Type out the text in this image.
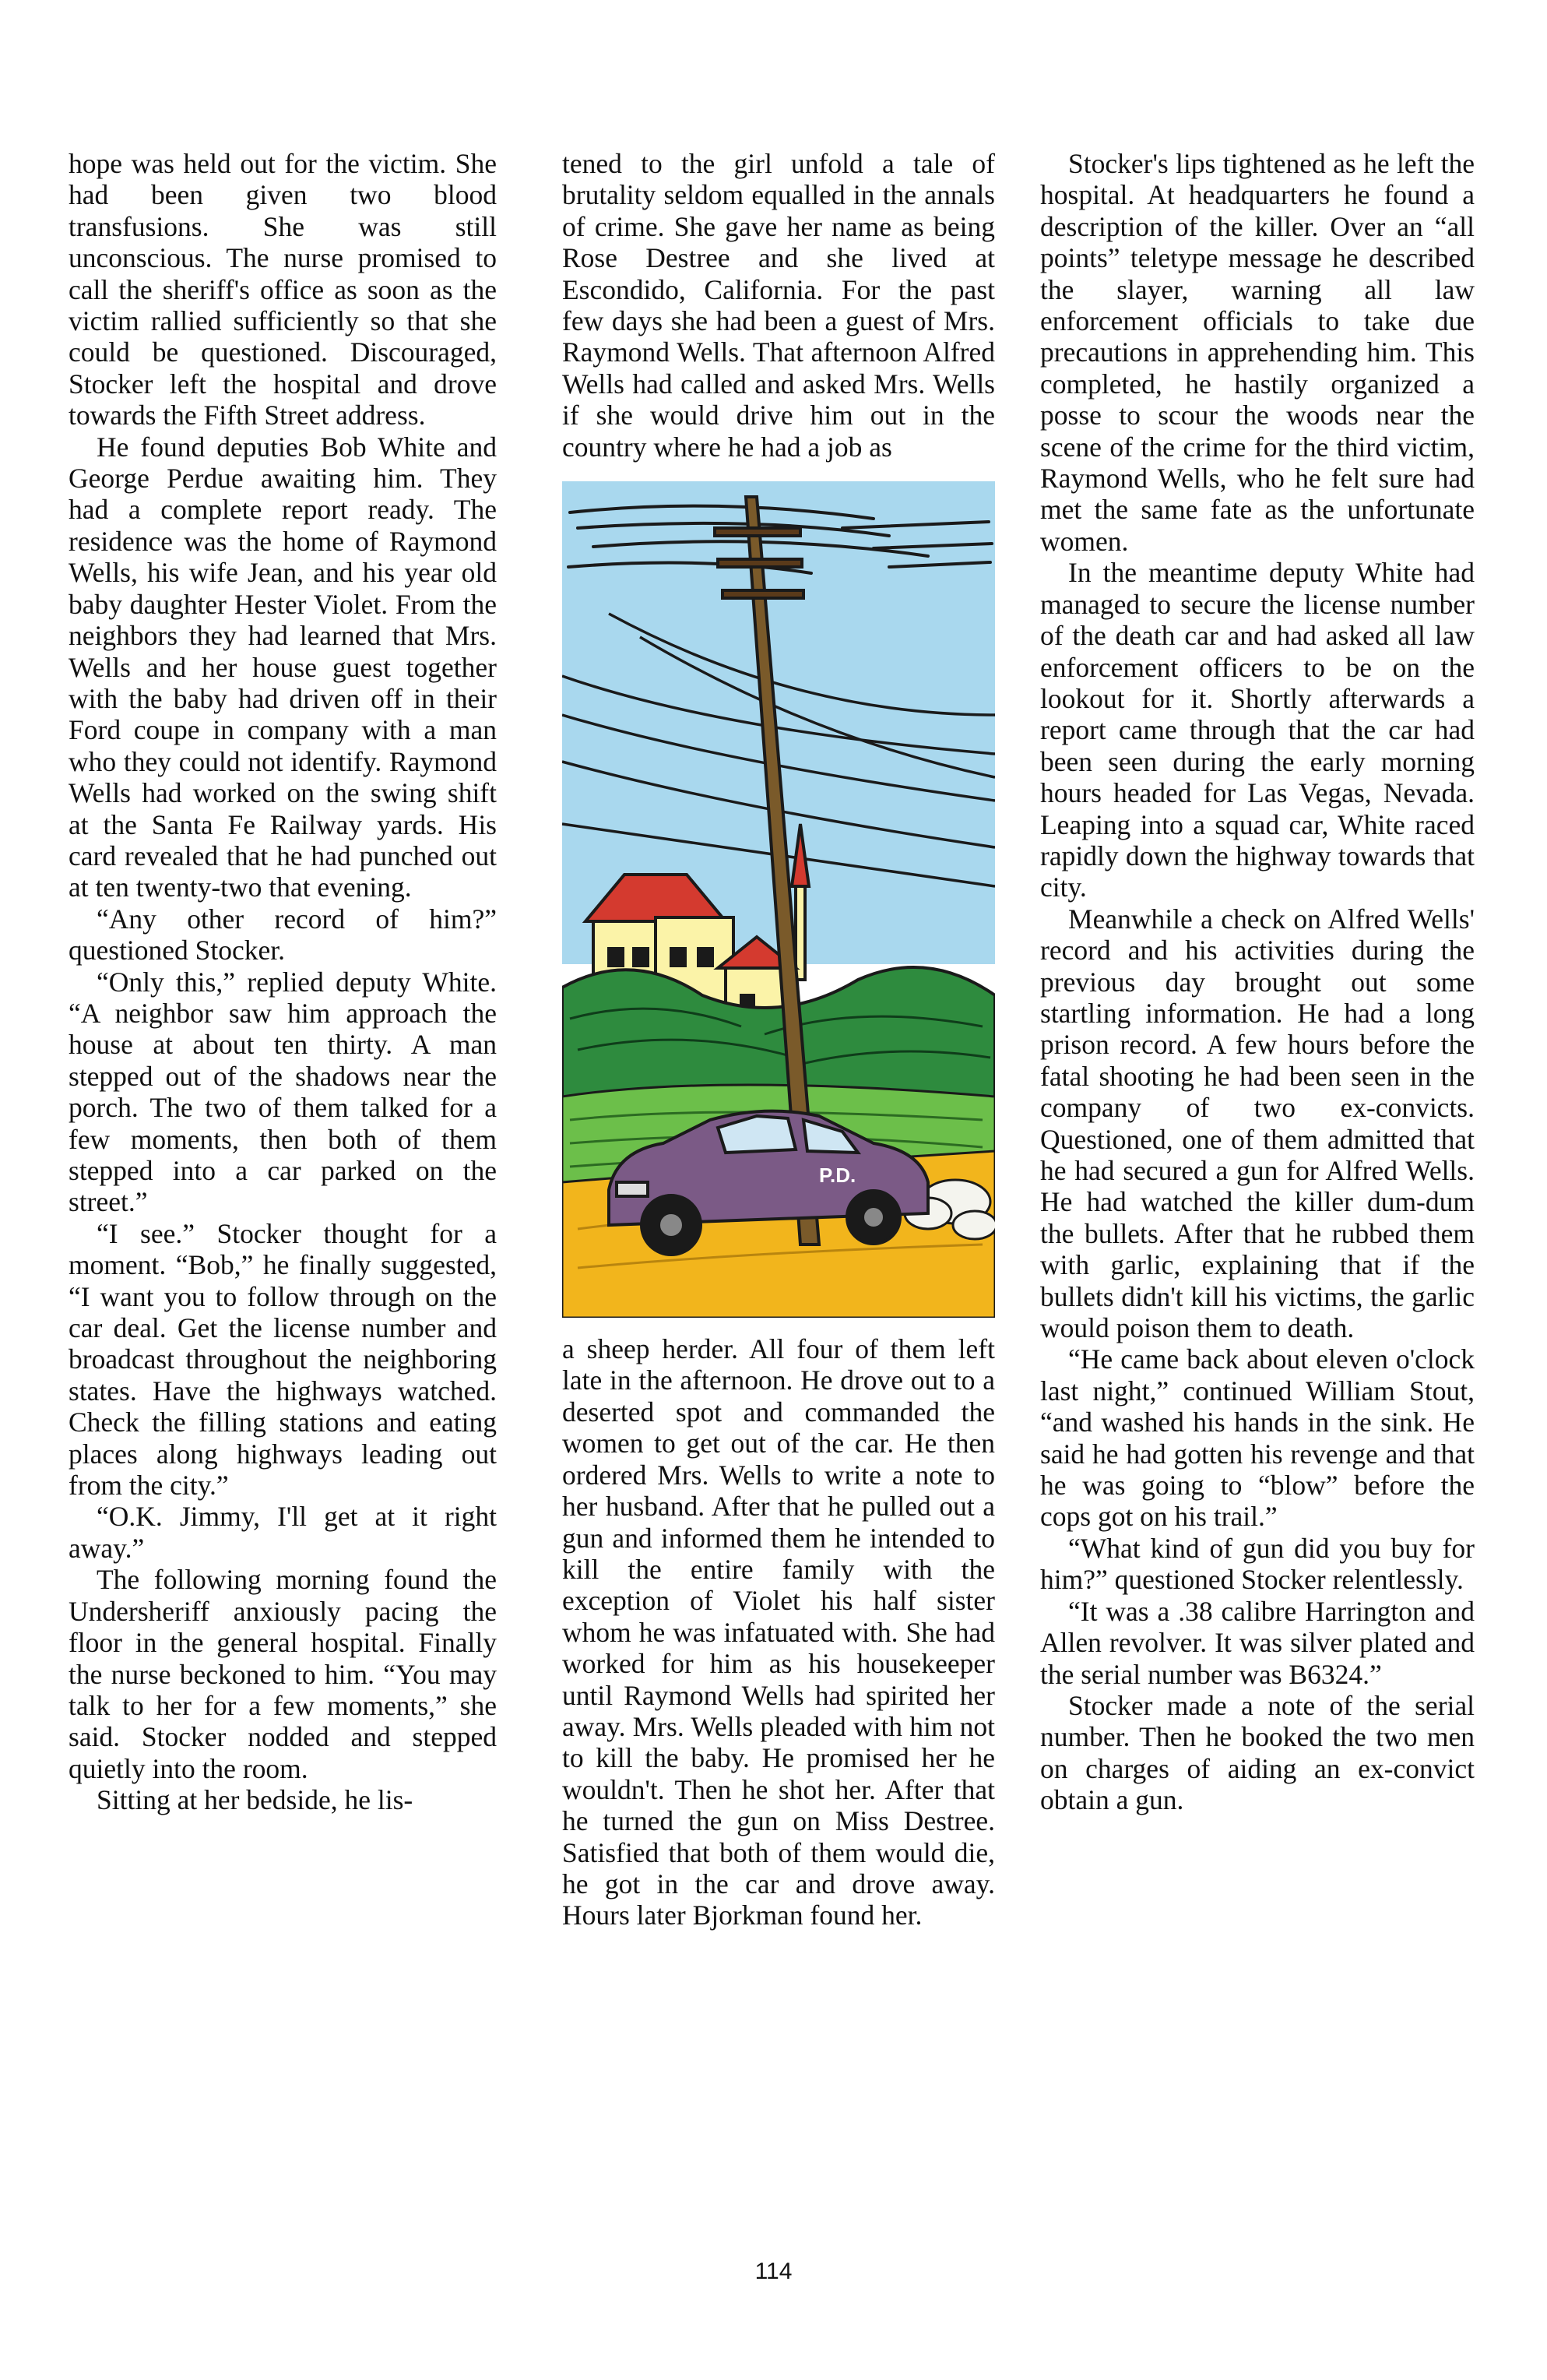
hope was held out for the victim. She had been given two blood transfusions. She was still unconscious. The nurse promised to call the sheriff's office as soon as the victim rallied sufficiently so that she could be questioned. Discouraged, Stocker left the hospital and drove towards the Fifth Street address.

He found deputies Bob White and George Perdue awaiting him. They had a complete report ready. The residence was the home of Raymond Wells, his wife Jean, and his year old baby daughter Hester Violet. From the neighbors they had learned that Mrs. Wells and her house guest together with the baby had driven off in their Ford coupe in company with a man who they could not identify. Raymond Wells had worked on the swing shift at the Santa Fe Railway yards. His card revealed that he had punched out at ten twenty-two that evening.

“Any other record of him?” questioned Stocker.

“Only this,” replied deputy White. “A neighbor saw him approach the house at about ten thirty. A man stepped out of the shadows near the porch. The two of them talked for a few moments, then both of them stepped into a car parked on the street.”

“I see.” Stocker thought for a moment. “Bob,” he finally suggested, “I want you to follow through on the car deal. Get the license number and broadcast throughout the neighboring states. Have the highways watched. Check the filling stations and eating places along highways leading out from the city.”

“O.K. Jimmy, I'll get at it right away.”

The following morning found the Undersheriff anxiously pacing the floor in the general hospital. Finally the nurse beckoned to him. “You may talk to her for a few moments,” she said. Stocker nodded and stepped quietly into the room.

Sitting at her bedside, he lis-

tened to the girl unfold a tale of brutality seldom equalled in the annals of crime. She gave her name as being Rose Destree and she lived at Escondido, California. For the past few days she had been a guest of Mrs. Raymond Wells. That afternoon Alfred Wells had called and asked Mrs. Wells if she would drive him out in the country where he had a job as

P.D.

a sheep herder. All four of them left late in the afternoon. He drove out to a deserted spot and commanded the women to get out of the car. He then ordered Mrs. Wells to write a note to her husband. After that he pulled out a gun and informed them he intended to kill the entire family with the exception of Violet his half sister whom he was infatuated with. She had worked for him as his housekeeper until Raymond Wells had spirited her away. Mrs. Wells pleaded with him not to kill the baby. He promised her he wouldn't. Then he shot her. After that he turned the gun on Miss Destree. Satisfied that both of them would die, he got in the car and drove away. Hours later Bjorkman found her.

Stocker's lips tightened as he left the hospital. At headquarters he found a description of the killer. Over an “all points” teletype message he described the slayer, warning all law enforcement officials to take due precautions in apprehending him. This completed, he hastily organized a posse to scour the woods near the scene of the crime for the third victim, Raymond Wells, who he felt sure had met the same fate as the unfortunate women.

In the meantime deputy White had managed to secure the license number of the death car and had asked all law enforcement officers to be on the lookout for it. Shortly afterwards a report came through that the car had been seen during the early morning hours headed for Las Vegas, Nevada. Leaping into a squad car, White raced rapidly down the highway towards that city.

Meanwhile a check on Alfred Wells' record and his activities during the previous day brought out some startling information. He had a long prison record. A few hours before the fatal shooting he had been seen in the company of two ex-convicts. Questioned, one of them admitted that he had secured a gun for Alfred Wells. He had watched the killer dum-dum the bullets. After that he rubbed them with garlic, explaining that if the bullets didn't kill his victims, the garlic would poison them to death.

“He came back about eleven o'clock last night,” continued William Stout, “and washed his hands in the sink. He said he had gotten his revenge and that he was going to “blow” before the cops got on his trail.”

“What kind of gun did you buy for him?” questioned Stocker relentlessly.

“It was a .38 calibre Harrington and Allen revolver. It was silver plated and the serial number was B6324.”

Stocker made a note of the serial number. Then he booked the two men on charges of aiding an ex-convict obtain a gun.

114
